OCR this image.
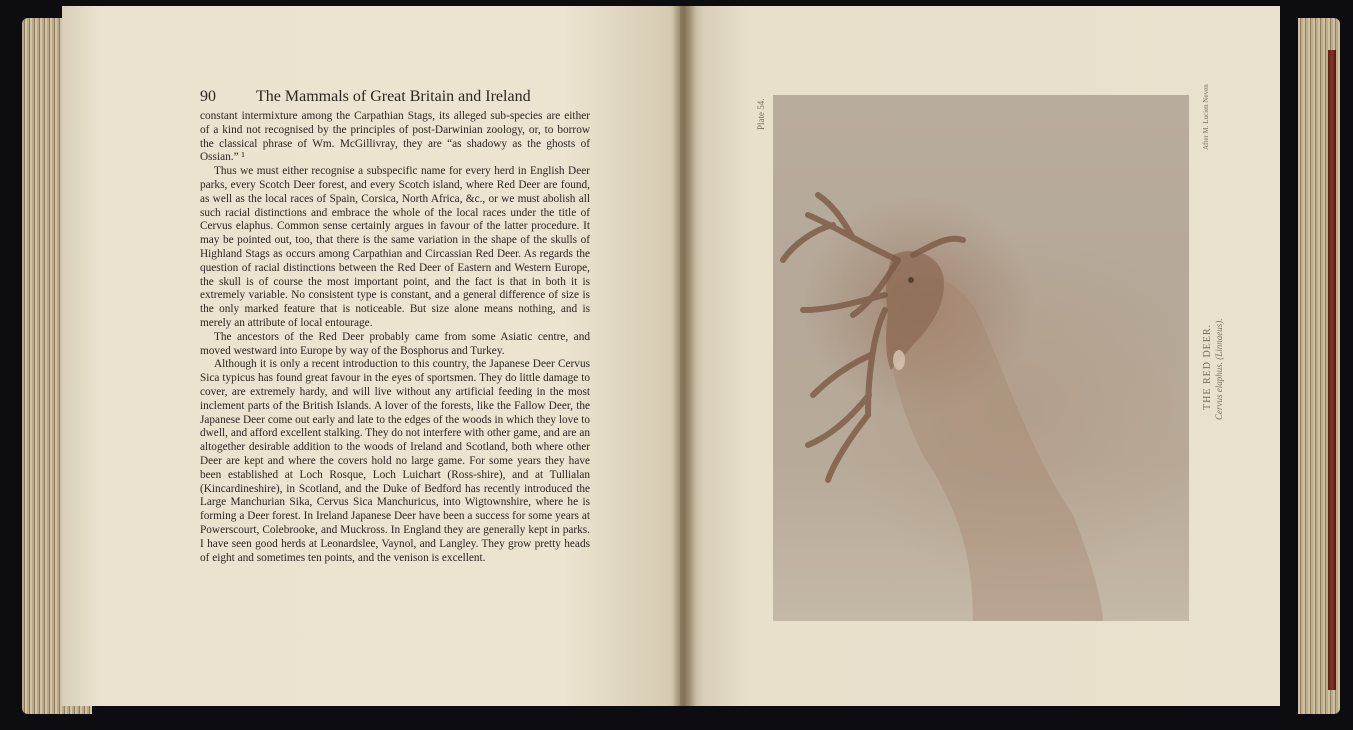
90	The Mammals of Great Britain and Ireland

constant intermixture among the Carpathian Stags, its alleged sub-species are either of a kind not recognised by the principles of post-Darwinian zoology, or, to borrow the classical phrase of Wm. McGillivray, they are “as shadowy as the ghosts of Ossian.” ¹

Thus we must either recognise a subspecific name for every herd in English Deer parks, every Scotch Deer forest, and every Scotch island, where Red Deer are found, as well as the local races of Spain, Corsica, North Africa, &c., or we must abolish all such racial distinctions and embrace the whole of the local races under the title of Cervus elaphus. Common sense certainly argues in favour of the latter procedure. It may be pointed out, too, that there is the same variation in the shape of the skulls of Highland Stags as occurs among Carpathian and Circassian Red Deer. As regards the question of racial distinctions between the Red Deer of Eastern and Western Europe, the skull is of course the most important point, and the fact is that in both it is extremely variable. No consistent type is constant, and a general difference of size is the only marked feature that is noticeable. But size alone means nothing, and is merely an attribute of local entourage.

The ancestors of the Red Deer probably came from some Asiatic centre, and moved westward into Europe by way of the Bosphorus and Turkey.

Although it is only a recent introduction to this country, the Japanese Deer Cervus Sica typicus has found great favour in the eyes of sportsmen. They do little damage to cover, are extremely hardy, and will live without any artificial feeding in the most inclement parts of the British Islands. A lover of the forests, like the Fallow Deer, the Japanese Deer come out early and late to the edges of the woods in which they love to dwell, and afford excellent stalking. They do not interfere with other game, and are an altogether desirable addition to the woods of Ireland and Scotland, both where other Deer are kept and where the covers hold no large game. For some years they have been established at Loch Rosque, Loch Luichart (Ross-shire), and at Tullialan (Kincardineshire), in Scotland, and the Duke of Bedford has recently introduced the Large Manchurian Sika, Cervus Sica Manchuricus, into Wigtownshire, where he is forming a Deer forest. In Ireland Japanese Deer have been a success for some years at Powerscourt, Colebrooke, and Muckross. In England they are generally kept in parks. I have seen good herds at Leonardslee, Vaynol, and Langley. They grow pretty heads of eight and sometimes ten points, and the venison is excellent.

Plate 54.	After M. Lucien Neven
THE RED DEER. Cervus elaphus. (Linnaeus).
